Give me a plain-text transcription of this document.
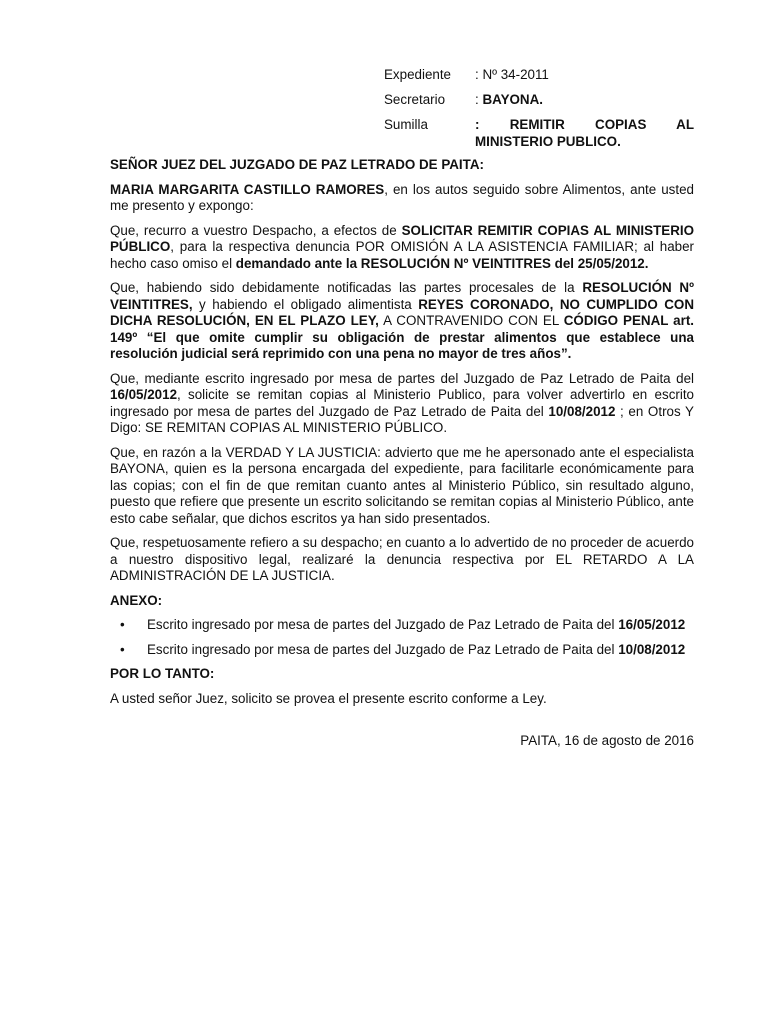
Expediente	: Nº 34-2011
Secretario	: BAYONA.
Sumilla	: REMITIR COPIAS AL
MINISTERIO PUBLICO.

SEÑOR JUEZ DEL JUZGADO DE PAZ LETRADO DE PAITA:

MARIA MARGARITA CASTILLO RAMORES, en los autos seguido sobre Alimentos, ante usted me presento y expongo:

Que, recurro a vuestro Despacho, a efectos de SOLICITAR REMITIR COPIAS AL MINISTERIO PÚBLICO, para la respectiva denuncia POR OMISIÓN A LA ASISTENCIA FAMILIAR; al haber hecho caso omiso el demandado ante la RESOLUCIÓN Nº VEINTITRES del 25/05/2012.

Que, habiendo sido debidamente notificadas las partes procesales de la RESOLUCIÓN Nº VEINTITRES, y habiendo el obligado alimentista REYES CORONADO, NO CUMPLIDO CON DICHA RESOLUCIÓN, EN EL PLAZO LEY, A CONTRAVENIDO CON EL CÓDIGO PENAL art. 149º “El que omite cumplir su obligación de prestar alimentos que establece una resolución judicial será reprimido con una pena no mayor de tres años”.

Que, mediante escrito ingresado por mesa de partes del Juzgado de Paz Letrado de Paita del 16/05/2012, solicite se remitan copias al Ministerio Publico, para volver advertirlo en escrito ingresado por mesa de partes del Juzgado de Paz Letrado de Paita del 10/08/2012 ; en Otros Y Digo: SE REMITAN COPIAS AL MINISTERIO PÚBLICO.

Que, en razón a la VERDAD Y LA JUSTICIA: advierto que me he apersonado ante el especialista BAYONA, quien es la persona encargada del expediente, para facilitarle económicamente para las copias; con el fin de que remitan cuanto antes al Ministerio Público, sin resultado alguno, puesto que refiere que presente un escrito solicitando se remitan copias al Ministerio Público, ante esto cabe señalar, que dichos escritos ya han sido presentados.

Que, respetuosamente refiero a su despacho; en cuanto a lo advertido de no proceder de acuerdo a nuestro dispositivo legal, realizaré la denuncia respectiva por EL RETARDO A LA ADMINISTRACIÓN DE LA JUSTICIA.

ANEXO:

• Escrito ingresado por mesa de partes del Juzgado de Paz Letrado de Paita del 16/05/2012
• Escrito ingresado por mesa de partes del Juzgado de Paz Letrado de Paita del 10/08/2012

POR LO TANTO:

A usted señor Juez, solicito se provea el presente escrito conforme a Ley.

PAITA, 16 de agosto de 2016
